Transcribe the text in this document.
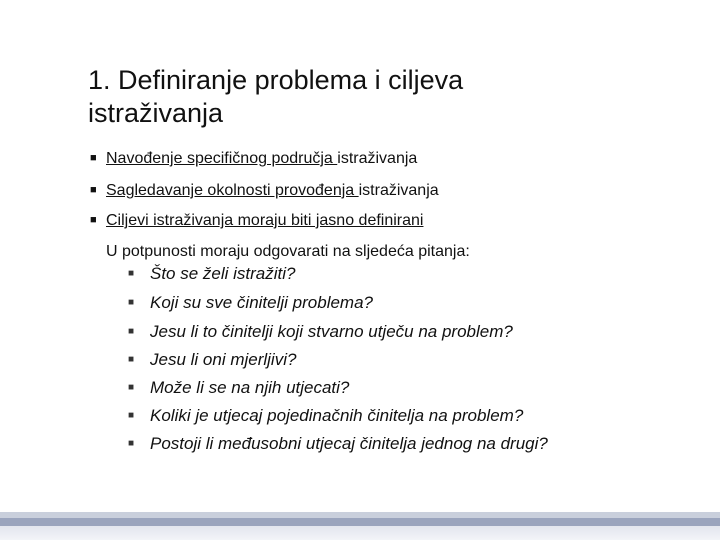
1. Definiranje problema i ciljeva
istraživanja
■ Navođenje specifičnog područja istraživanja
■ Sagledavanje okolnosti provođenja istraživanja
■ Ciljevi istraživanja moraju biti jasno definirani
U potpunosti moraju odgovarati na sljedeća pitanja:
■ Što se želi istražiti?
■ Koji su sve činitelji problema?
■ Jesu li to činitelji koji stvarno utječu na problem?
■ Jesu li oni mjerljivi?
■ Može li se na njih utjecati?
■ Koliki je utjecaj pojedinačnih činitelja na problem?
■ Postoji li međusobni utjecaj činitelja jednog na drugi?
